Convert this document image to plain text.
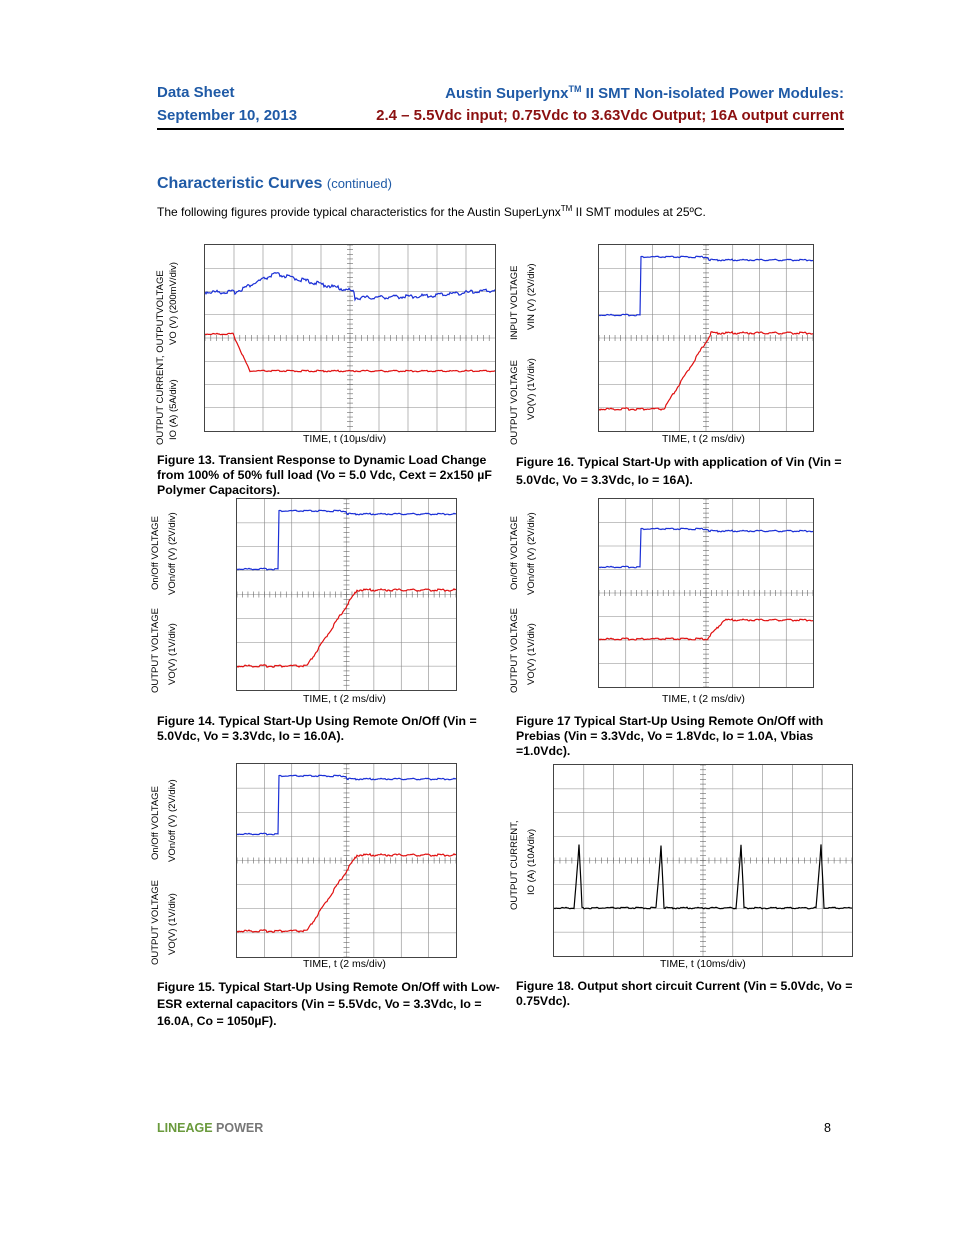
Data Sheet
September 10, 2013
Austin Superlynx™ II SMT Non-isolated Power Modules:
2.4 – 5.5Vdc input; 0.75Vdc to 3.63Vdc Output; 16A output current
Characteristic Curves (continued)
The following figures provide typical characteristics for the Austin SuperLynx™ II SMT modules at 25ºC.
OUTPUT CURRENT, OUTPUTVOLTAGE VO (V) (200mV/div)
IO (A) (5A/div)	TIME, t (10µs/div)
Figure 13. Transient Response to Dynamic Load Change from 100% of 50% full load (Vo = 5.0 Vdc, Cext = 2x150 µF Polymer Capacitors).
INPUT VOLTAGE VIN (V) (2V/div)
OUTPUT VOLTAGE VO(V) (1V/div)
TIME, t (2 ms/div)
Figure 16. Typical Start-Up with application of Vin (Vin = 5.0Vdc, Vo = 3.3Vdc, Io = 16A).
On/Off VOLTAGE VOn/off (V) (2V/div)
OUTPUT VOLTAGE VO(V) (1V/div)
TIME, t (2 ms/div)
Figure 14. Typical Start-Up Using Remote On/Off (Vin = 5.0Vdc, Vo = 3.3Vdc, Io = 16.0A).
On/Off VOLTAGE VOn/off (V) (2V/div)
OUTPUT VOLTAGE VO(V) (1V/div)
TIME, t (2 ms/div)
Figure 17 Typical Start-Up Using Remote On/Off with Prebias (Vin = 3.3Vdc, Vo = 1.8Vdc, Io = 1.0A, Vbias =1.0Vdc).
On/Off VOLTAGE VOn/off (V) (2V/div)
OUTPUT VOLTAGE VO(V) (1V/div)
TIME, t (2 ms/div)
Figure 15. Typical Start-Up Using Remote On/Off with Low-ESR external capacitors (Vin = 5.5Vdc, Vo = 3.3Vdc, Io = 16.0A, Co = 1050µF).
OUTPUT CURRENT, IO (A) (10A/div)
TIME, t (10ms/div)
Figure 18. Output short circuit Current (Vin = 5.0Vdc, Vo = 0.75Vdc).
LINEAGE POWER	8
